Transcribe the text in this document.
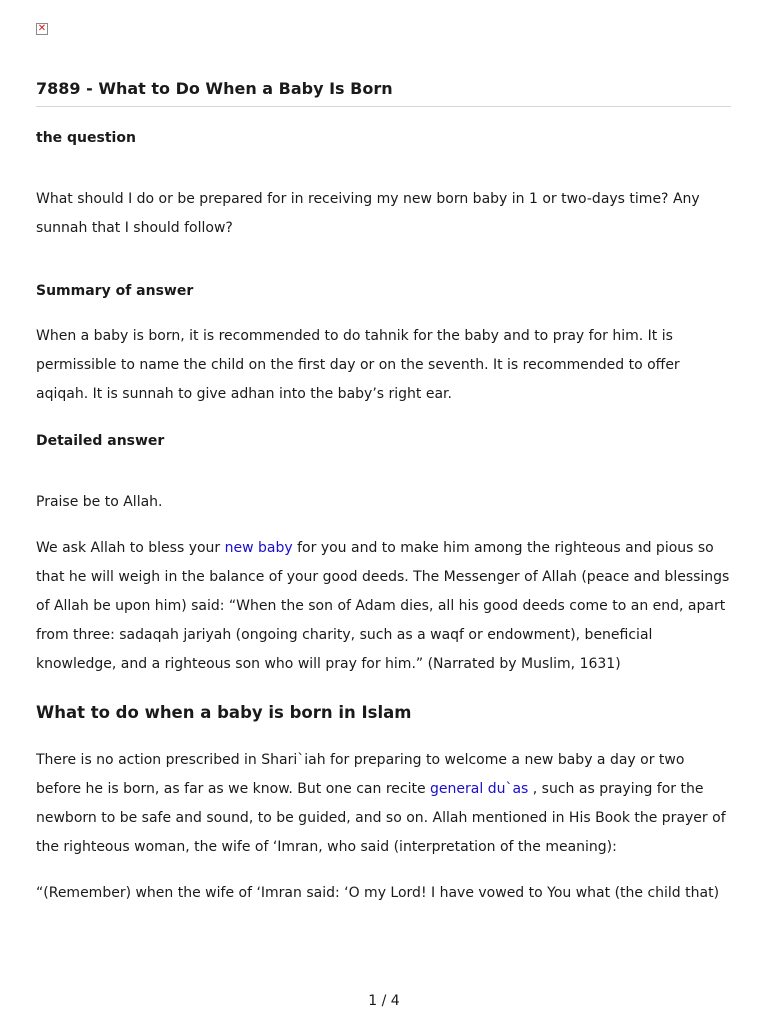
✕
7889 - What to Do When a Baby Is Born
the question

What should I do or be prepared for in receiving my new born baby in 1 or two-days time? Any sunnah that I should follow?

Summary of answer

When a baby is born, it is recommended to do tahnik for the baby and to pray for him. It is permissible to name the child on the first day or on the seventh. It is recommended to offer aqiqah. It is sunnah to give adhan into the baby’s right ear.

Detailed answer

Praise be to Allah.

We ask Allah to bless your new baby for you and to make him among the righteous and pious so that he will weigh in the balance of your good deeds. The Messenger of Allah (peace and blessings of Allah be upon him) said: “When the son of Adam dies, all his good deeds come to an end, apart from three: sadaqah jariyah (ongoing charity, such as a waqf or endowment), beneficial knowledge, and a righteous son who will pray for him.” (Narrated by Muslim, 1631)

What to do when a baby is born in Islam

There is no action prescribed in Shari`iah for preparing to welcome a new baby a day or two before he is born, as far as we know. But one can recite general du`as , such as praying for the newborn to be safe and sound, to be guided, and so on. Allah mentioned in His Book the prayer of the righteous woman, the wife of ‘Imran, who said (interpretation of the meaning):

“(Remember) when the wife of ‘Imran said: ‘O my Lord! I have vowed to You what (the child that)

1 / 4
